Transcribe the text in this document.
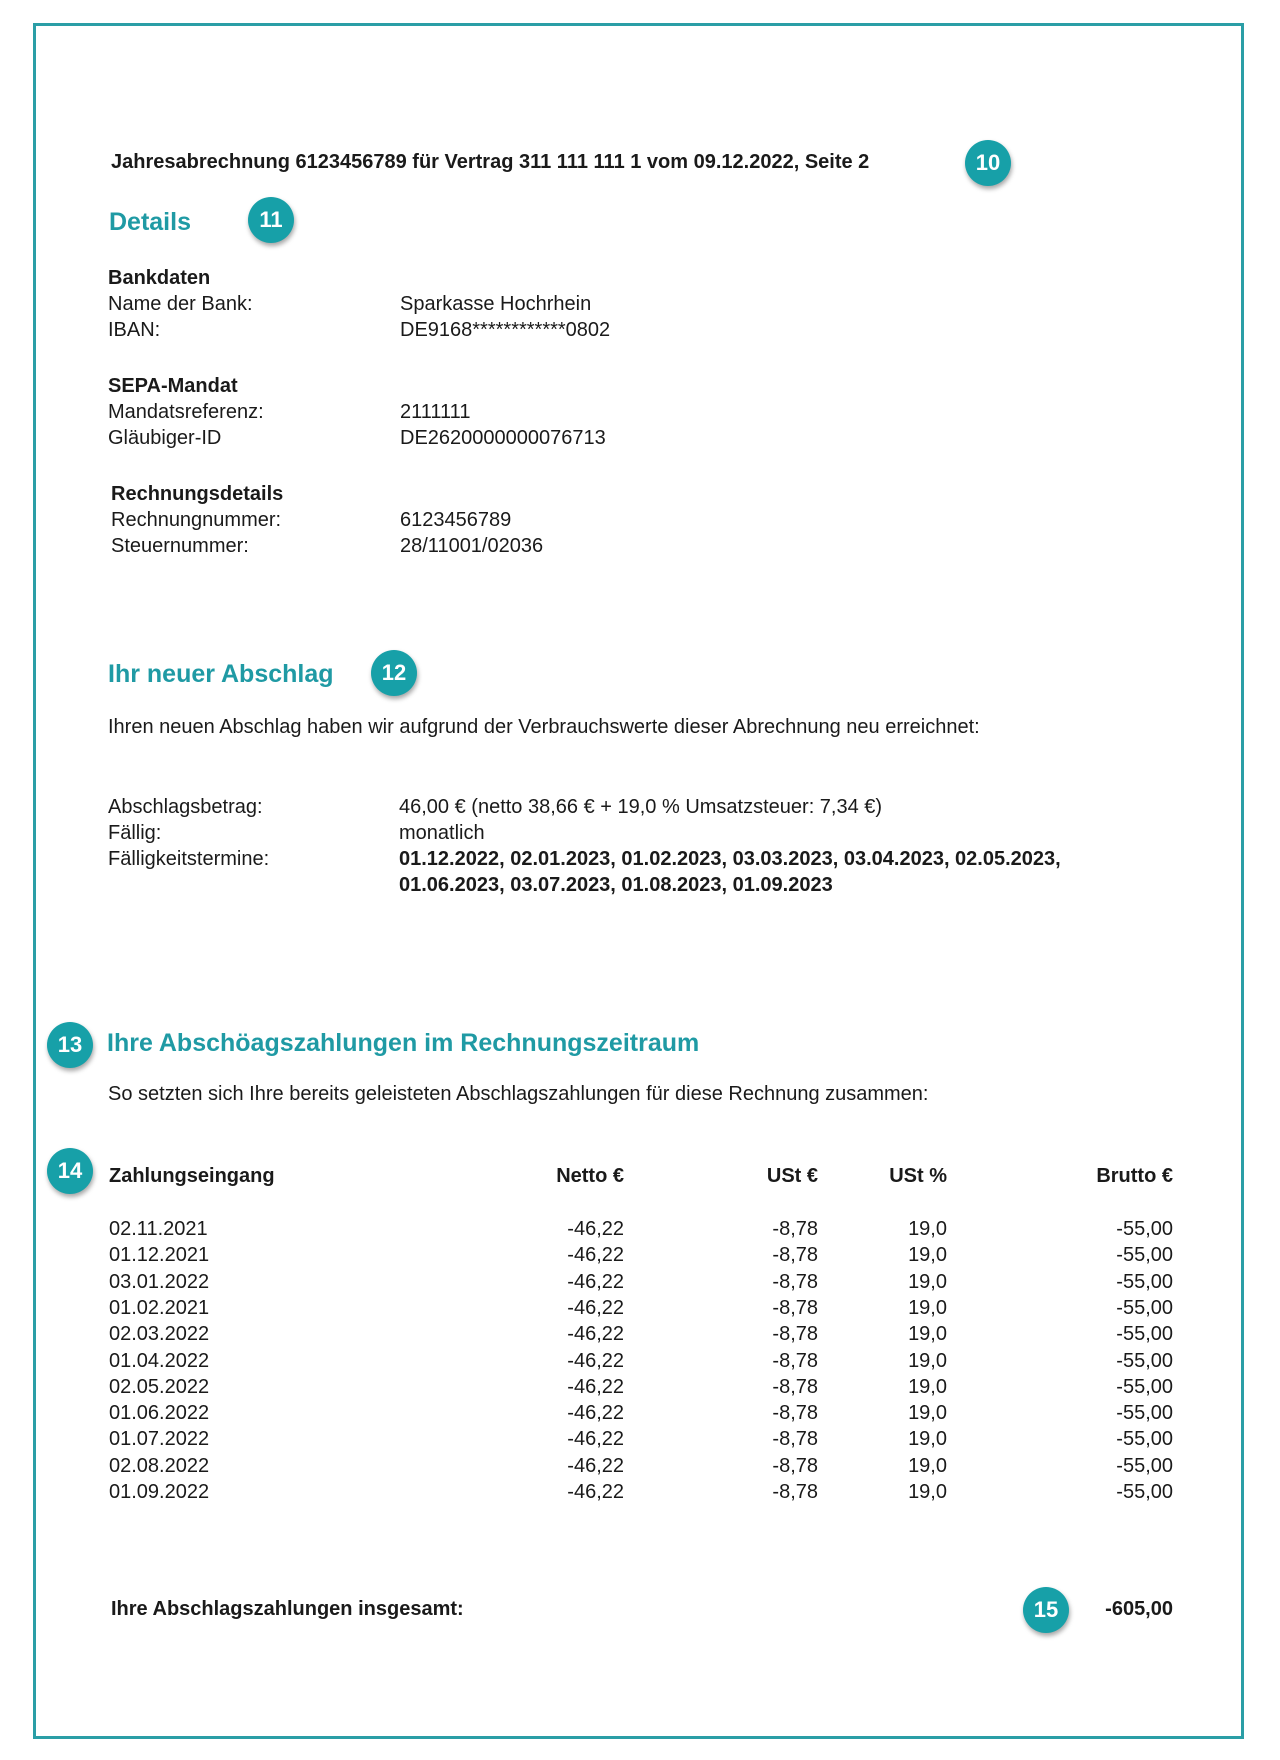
Jahresabrechnung 6123456789 für Vertrag 311 111 111 1 vom 09.12.2022, Seite 2	10
Details	11
Bankdaten
Name der Bank:	Sparkasse Hochrhein
IBAN:	DE9168************0802
SEPA-Mandat
Mandatsreferenz:	2111111
Gläubiger-ID	DE2620000000076713
Rechnungsdetails
Rechnungnummer:	6123456789
Steuernummer:	28/11001/02036
Ihr neuer Abschlag	12
Ihren neuen Abschlag haben wir aufgrund der Verbrauchswerte dieser Abrechnung neu erreichnet:
Abschlagsbetrag:	46,00 € (netto 38,66 € + 19,0 % Umsatzsteuer: 7,34 €)
Fällig:	monatlich
Fälligkeitstermine:	01.12.2022, 02.01.2023, 01.02.2023, 03.03.2023, 03.04.2023, 02.05.2023,
01.06.2023, 03.07.2023, 01.08.2023, 01.09.2023
13 Ihre Abschöagszahlungen im Rechnungszeitraum
So setzten sich Ihre bereits geleisteten Abschlagszahlungen für diese Rechnung zusammen:
14	Zahlungseingang	Netto €	USt €	USt %	Brutto €
02.11.2021	-46,22	-8,78	19,0	-55,00
01.12.2021	-46,22	-8,78	19,0	-55,00
03.01.2022	-46,22	-8,78	19,0	-55,00
01.02.2021	-46,22	-8,78	19,0	-55,00
02.03.2022	-46,22	-8,78	19,0	-55,00
01.04.2022	-46,22	-8,78	19,0	-55,00
02.05.2022	-46,22	-8,78	19,0	-55,00
01.06.2022	-46,22	-8,78	19,0	-55,00
01.07.2022	-46,22	-8,78	19,0	-55,00
02.08.2022	-46,22	-8,78	19,0	-55,00
01.09.2022	-46,22	-8,78	19,0	-55,00
Ihre Abschlagszahlungen insgesamt:	15	-605,00
